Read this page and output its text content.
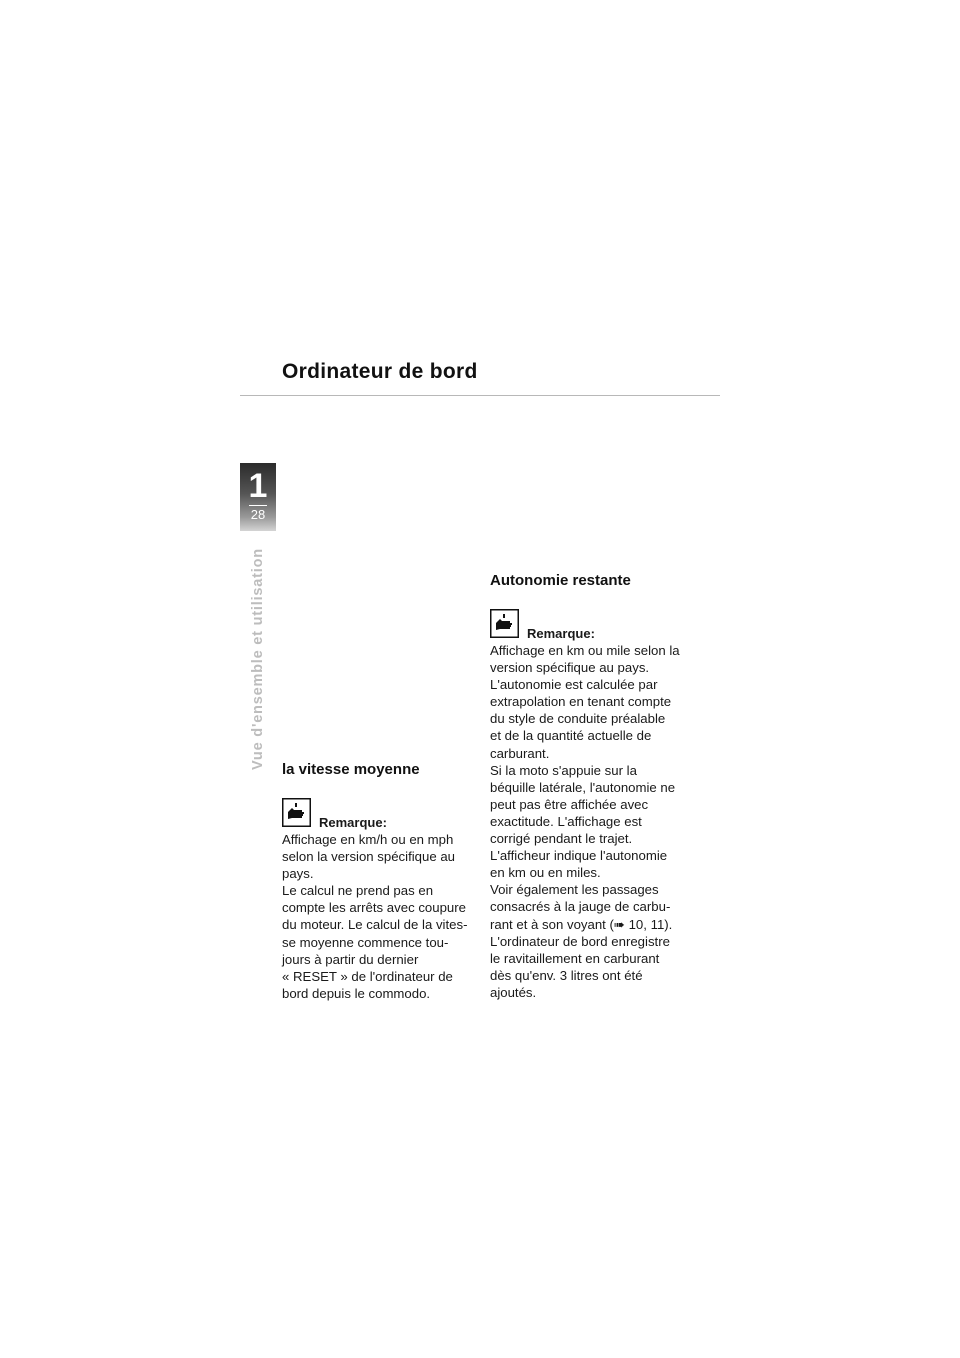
Ordinateur de bord
1
28
Vue d'ensemble et utilisation la vitesse moyenne
Remarque:
Affichage en km/h ou en mph
selon la version spécifique au
pays.
Le calcul ne prend pas en
compte les arrêts avec coupure
du moteur. Le calcul de la vites-
se moyenne commence tou-
jours à partir du dernier
« RESET » de l'ordinateur de
bord depuis le commodo.
Autonomie restante
Remarque:
Affichage en km ou mile selon la
version spécifique au pays.
L'autonomie est calculée par
extrapolation en tenant compte
du style de conduite préalable
et de la quantité actuelle de
carburant.
Si la moto s'appuie sur la
béquille latérale, l'autonomie ne
peut pas être affichée avec
exactitude. L'affichage est
corrigé pendant le trajet.
L'afficheur indique l'autonomie
en km ou en miles.
Voir également les passages
consacrés à la jauge de carbu-
rant et à son voyant (➠ 10, 11).
L'ordinateur de bord enregistre
le ravitaillement en carburant
dès qu'env. 3 litres ont été
ajoutés.
